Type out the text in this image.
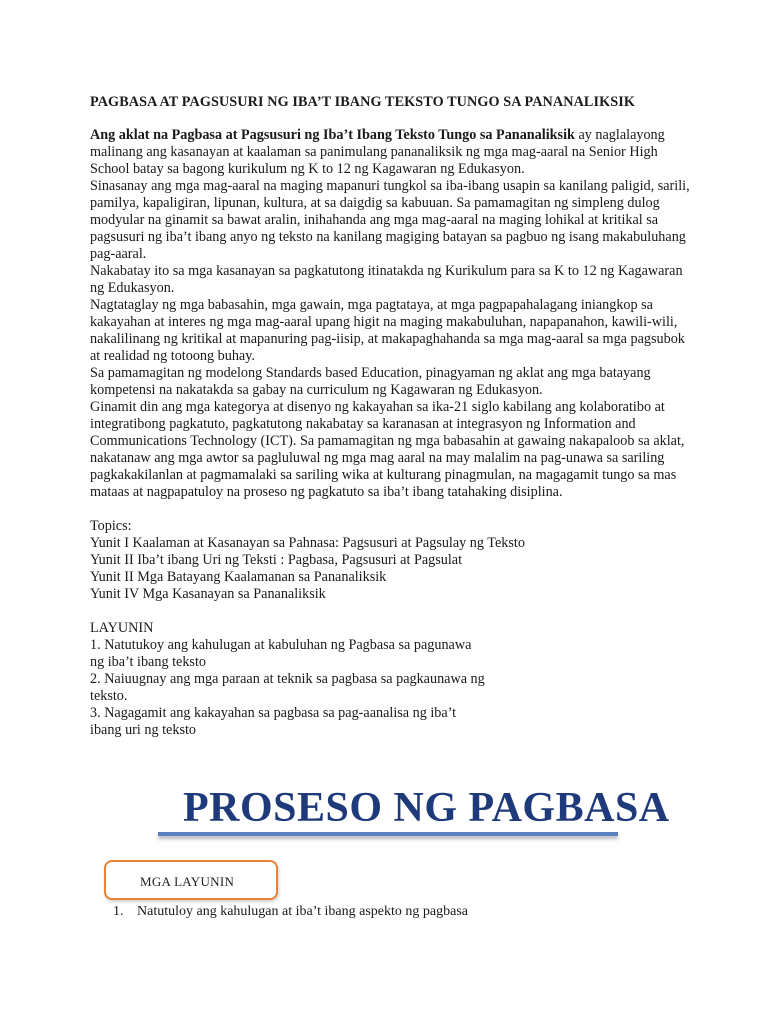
PAGBASA AT PAGSUSURI NG IBA’T IBANG TEKSTO TUNGO SA PANANALIKSIK

Ang aklat na Pagbasa at Pagsusuri ng Iba’t Ibang Teksto Tungo sa Pananaliksik ay naglalayong malinang ang kasanayan at kaalaman sa panimulang pananaliksik ng mga mag-aaral na Senior High School batay sa bagong kurikulum ng K to 12 ng Kagawaran ng Edukasyon.

Sinasanay ang mga mag-aaral na maging mapanuri tungkol sa iba-ibang usapin sa kanilang paligid, sarili, pamilya, kapaligiran, lipunan, kultura, at sa daigdig sa kabuuan. Sa pamamagitan ng simpleng dulog modyular na ginamit sa bawat aralin, inihahanda ang mga mag-aaral na maging lohikal at kritikal sa pagsusuri ng iba’t ibang anyo ng teksto na kanilang magiging batayan sa pagbuo ng isang makabuluhang pag-aaral.

Nakabatay ito sa mga kasanayan sa pagkatutong itinatakda ng Kurikulum para sa K to 12 ng Kagawaran ng Edukasyon.

Nagtataglay ng mga babasahin, mga gawain, mga pagtataya, at mga pagpapahalagang iniangkop sa kakayahan at interes ng mga mag-aaral upang higit na maging makabuluhan, napapanahon, kawili-wili, nakalilinang ng kritikal at mapanuring pag-iisip, at makapaghahanda sa mga mag-aaral sa mga pagsubok at realidad ng totoong buhay.

Sa pamamagitan ng modelong Standards based Education, pinagyaman ng aklat ang mga batayang kompetensi na nakatakda sa gabay na curriculum ng Kagawaran ng Edukasyon.

Ginamit din ang mga kategorya at disenyo ng kakayahan sa ika-21 siglo kabilang ang kolaboratibo at integratibong pagkatuto, pagkatutong nakabatay sa karanasan at integrasyon ng Information and Communications Technology (ICT). Sa pamamagitan ng mga babasahin at gawaing nakapaloob sa aklat, nakatanaw ang mga awtor sa pagluluwal ng mga mag aaral na may malalim na pag-unawa sa sariling pagkakakilanlan at pagmamalaki sa sariling wika at kulturang pinagmulan, na magagamit tungo sa mas mataas at nagpapatuloy na proseso ng pagkatuto sa iba’t ibang tatahaking disiplina.

Topics:

Yunit I Kaalaman at Kasanayan sa Pahnasa: Pagsusuri at Pagsulay ng Teksto

Yunit II Iba’t ibang Uri ng Teksti : Pagbasa, Pagsusuri at Pagsulat

Yunit II Mga Batayang Kaalamanan sa Pananaliksik

Yunit IV Mga Kasanayan sa Pananaliksik

LAYUNIN

1. Natutukoy ang kahulugan at kabuluhan ng Pagbasa sa pagunawa

ng iba’t ibang teksto

2. Naiuugnay ang mga paraan at teknik sa pagbasa sa pagkaunawa ng

teksto.

3. Nagagamit ang kakayahan sa pagbasa sa pag-aanalisa ng iba’t

ibang uri ng teksto

PROSESO NG PAGBASA
MGA LAYUNIN
1. Natutuloy ang kahulugan at iba’t ibang aspekto ng pagbasa
